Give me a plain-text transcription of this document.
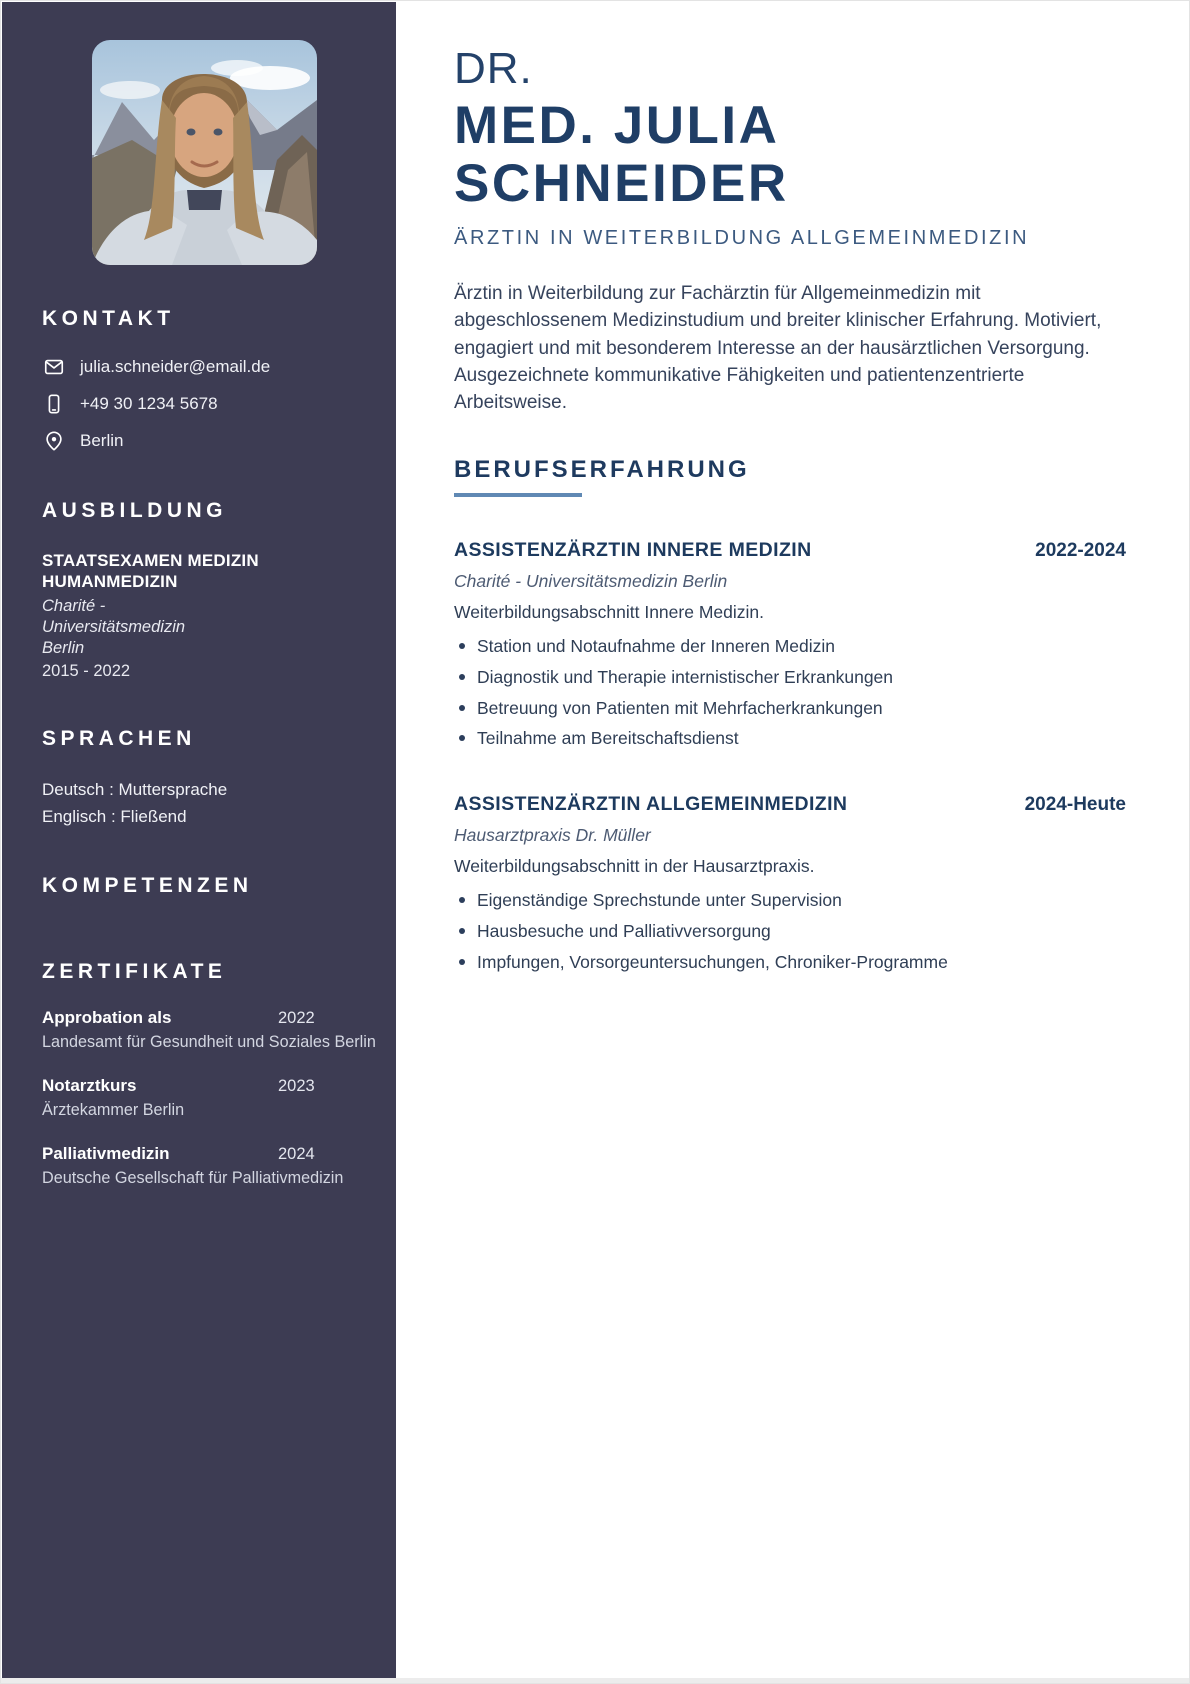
KONTAKT
julia.schneider@email.de
+49 30 1234 5678
Berlin
AUSBILDUNG
STAATSEXAMEN MEDIZIN HUMANMEDIZIN
Charité -
Universitätsmedizin
Berlin
2015 - 2022
SPRACHEN
Deutsch : Muttersprache
Englisch : Fließend
KOMPETENZEN
ZERTIFIKATE
Approbation als	2022
Landesamt für Gesundheit und Soziales Berlin
Notarztkurs	2023
Ärztekammer Berlin
Palliativmedizin	2024
Deutsche Gesellschaft für Palliativmedizin
DR.
MED. JULIA SCHNEIDER
ÄRZTIN IN WEITERBILDUNG ALLGEMEINMEDIZIN

Ärztin in Weiterbildung zur Fachärztin für Allgemeinmedizin mit abgeschlossenem Medizinstudium und breiter klinischer Erfahrung. Motiviert, engagiert und mit besonderem Interesse an der hausärztlichen Versorgung. Ausgezeichnete kommunikative Fähigkeiten und patientenzentrierte Arbeitsweise.

BERUFSERFAHRUNG
ASSISTENZÄRZTIN INNERE MEDIZIN	2022-2024
Charité - Universitätsmedizin Berlin
Weiterbildungsabschnitt Innere Medizin.
Station und Notaufnahme der Inneren Medizin
Diagnostik und Therapie internistischer Erkrankungen
Betreuung von Patienten mit Mehrfacherkrankungen
Teilnahme am Bereitschaftsdienst
ASSISTENZÄRZTIN ALLGEMEINMEDIZIN	2024-Heute
Hausarztpraxis Dr. Müller
Weiterbildungsabschnitt in der Hausarztpraxis.
Eigenständige Sprechstunde unter Supervision
Hausbesuche und Palliativversorgung
Impfungen, Vorsorgeuntersuchungen, Chroniker-Programme
